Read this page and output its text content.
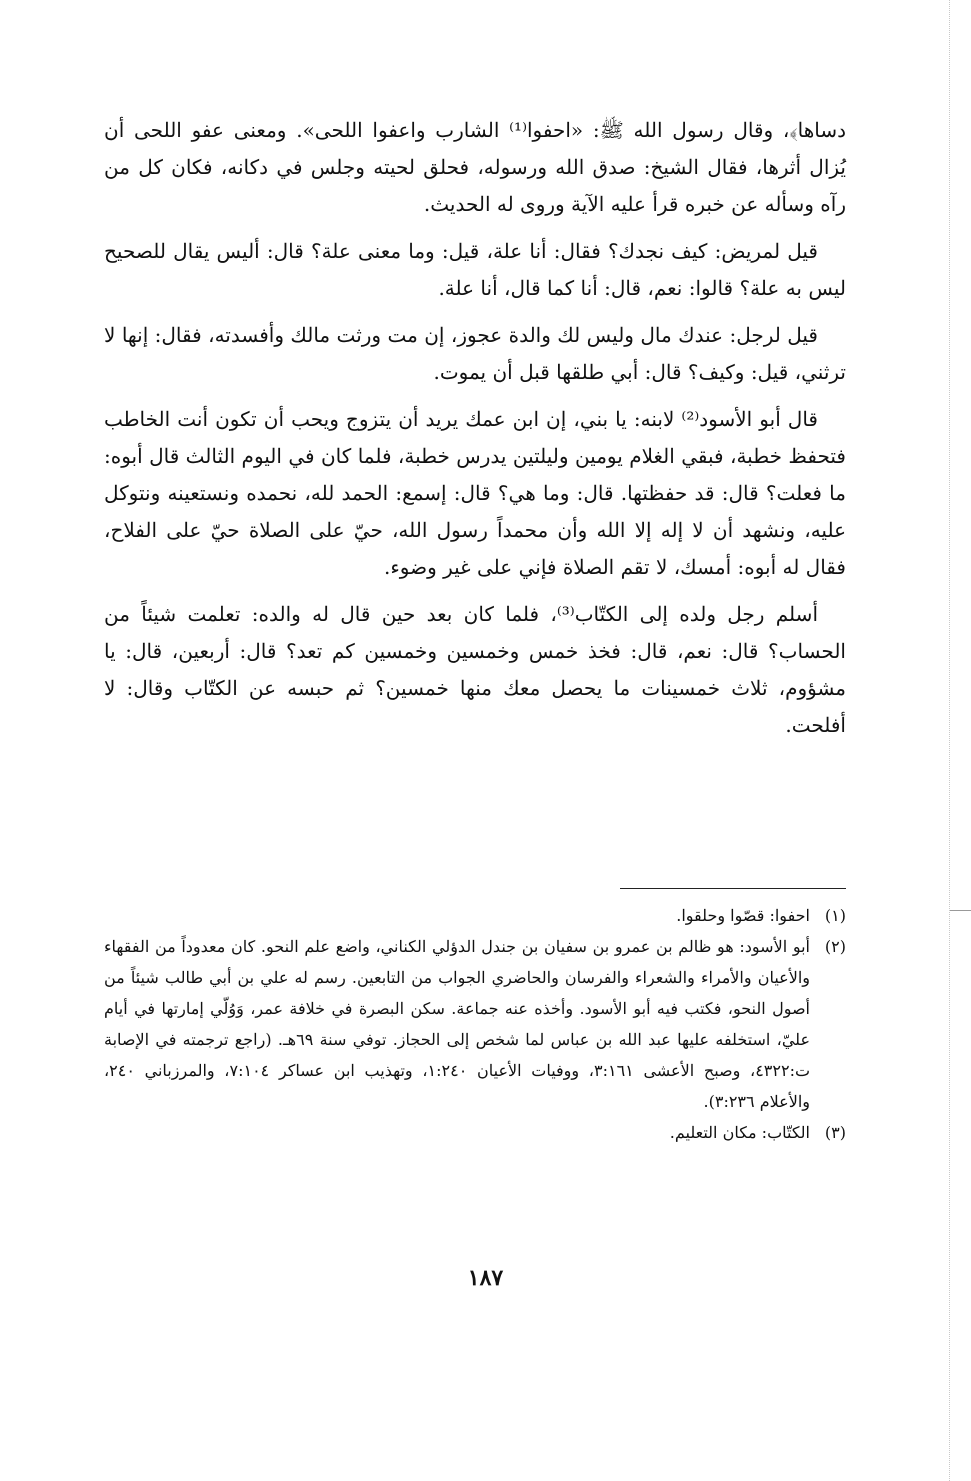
دساها﴾، وقال رسول الله ﷺ: «احفوا⁽¹⁾ الشارب واعفوا اللحى». ومعنى عفو اللحى أن يُزال أثرها، فقال الشيخ: صدق الله ورسوله، فحلق لحيته وجلس في دكانه، فكان كل من رآه وسأله عن خبره قرأ عليه الآية وروى له الحديث.

قيل لمريض: كيف نجدك؟ فقال: أنا علة، قيل: وما معنى علة؟ قال: أليس يقال للصحيح ليس به علة؟ قالوا: نعم، قال: أنا كما قال، أنا علة.

قيل لرجل: عندك مال وليس لك والدة عجوز، إن مت ورثت مالك وأفسدته، فقال: إنها لا ترثني، قيل: وكيف؟ قال: أبي طلقها قبل أن يموت.

قال أبو الأسود⁽²⁾ لابنه: يا بني، إن ابن عمك يريد أن يتزوج ويحب أن تكون أنت الخاطب فتحفظ خطبة، فبقي الغلام يومين وليلتين يدرس خطبة، فلما كان في اليوم الثالث قال أبوه: ما فعلت؟ قال: قد حفظتها. قال: وما هي؟ قال: إسمع: الحمد لله، نحمده ونستعينه ونتوكل عليه، ونشهد أن لا إله إلا الله وأن محمداً رسول الله، حيّ على الصلاة حيّ على الفلاح، فقال له أبوه: أمسك، لا تقم الصلاة فإني على غير وضوء.

أسلم رجل ولده إلى الكتّاب⁽³⁾، فلما كان بعد حين قال له والده: تعلمت شيئاً من الحساب؟ قال: نعم، قال: فخذ خمس وخمسين وخمسين كم تعد؟ قال: أربعين، قال: يا مشؤوم، ثلاث خمسينات ما يحصل معك منها خمسين؟ ثم حبسه عن الكتّاب وقال: لا أفلحت.

(١)
احفوا: قصّوا وحلقوا.
(٢)
أبو الأسود: هو ظالم بن عمرو بن سفيان بن جندل الدؤلي الكناني، واضع علم النحو. كان معدوداً من الفقهاء والأعيان والأمراء والشعراء والفرسان والحاضري الجواب من التابعين. رسم له علي بن أبي طالب شيئاً من أصول النحو، فكتب فيه أبو الأسود. وأخذه عنه جماعة. سكن البصرة في خلافة عمر، وَوُلّي إمارتها في أيام عليّ، استخلفه عليها عبد الله بن عباس لما شخص إلى الحجاز. توفي سنة ٦٩هـ. (راجع ترجمته في الإصابة ت:٤٣٢٢، وصبح الأعشى ٣:١٦١، ووفيات الأعيان ١:٢٤٠، وتهذيب ابن عساكر ٧:١٠٤، والمرزباني ٢٤٠، والأعلام ٣:٢٣٦).
(٣)
الكتّاب: مكان التعليم.
١٨٧
